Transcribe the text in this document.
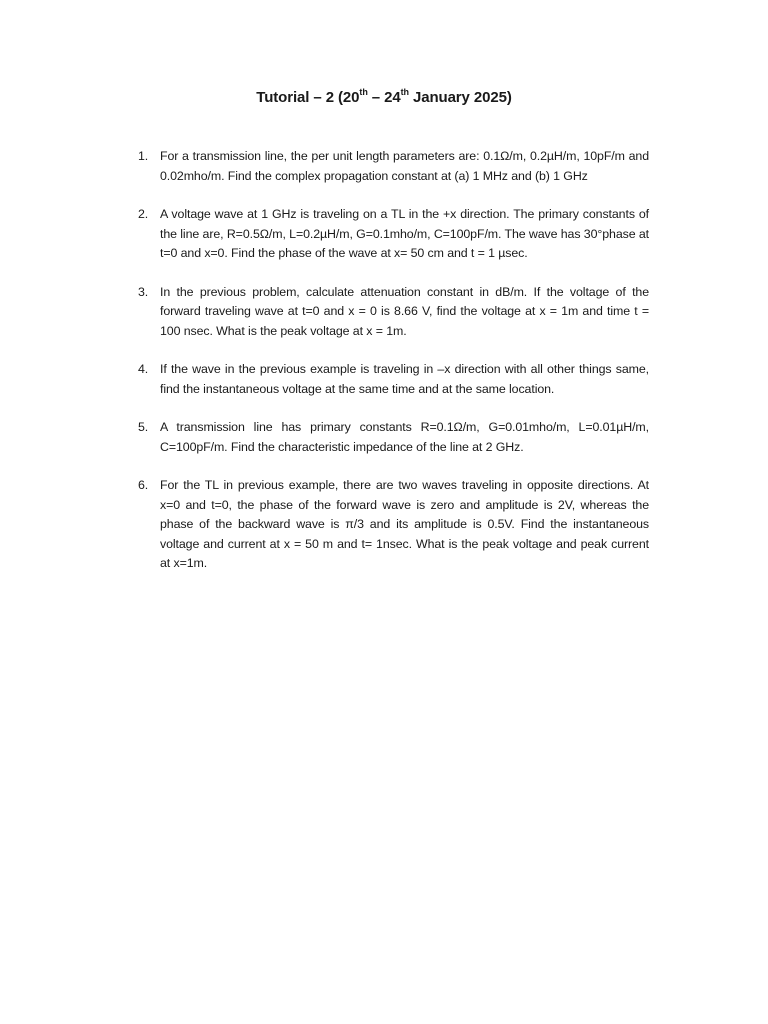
Tutorial – 2 (20th – 24th January 2025)
1. For a transmission line, the per unit length parameters are: 0.1Ω/m, 0.2µH/m, 10pF/m and 0.02mho/m. Find the complex propagation constant at (a) 1 MHz and (b) 1 GHz
2. A voltage wave at 1 GHz is traveling on a TL in the +x direction. The primary constants of the line are, R=0.5Ω/m, L=0.2µH/m, G=0.1mho/m, C=100pF/m. The wave has 30°phase at t=0 and x=0. Find the phase of the wave at x= 50 cm and t = 1 µsec.
3. In the previous problem, calculate attenuation constant in dB/m. If the voltage of the forward traveling wave at t=0 and x = 0 is 8.66 V, find the voltage at x = 1m and time t = 100 nsec. What is the peak voltage at x = 1m.
4. If the wave in the previous example is traveling in –x direction with all other things same, find the instantaneous voltage at the same time and at the same location.
5. A transmission line has primary constants R=0.1Ω/m, G=0.01mho/m, L=0.01µH/m, C=100pF/m. Find the characteristic impedance of the line at 2 GHz.
6. For the TL in previous example, there are two waves traveling in opposite directions. At x=0 and t=0, the phase of the forward wave is zero and amplitude is 2V, whereas the phase of the backward wave is π/3 and its amplitude is 0.5V. Find the instantaneous voltage and current at x = 50 m and t= 1nsec. What is the peak voltage and peak current at x=1m.
